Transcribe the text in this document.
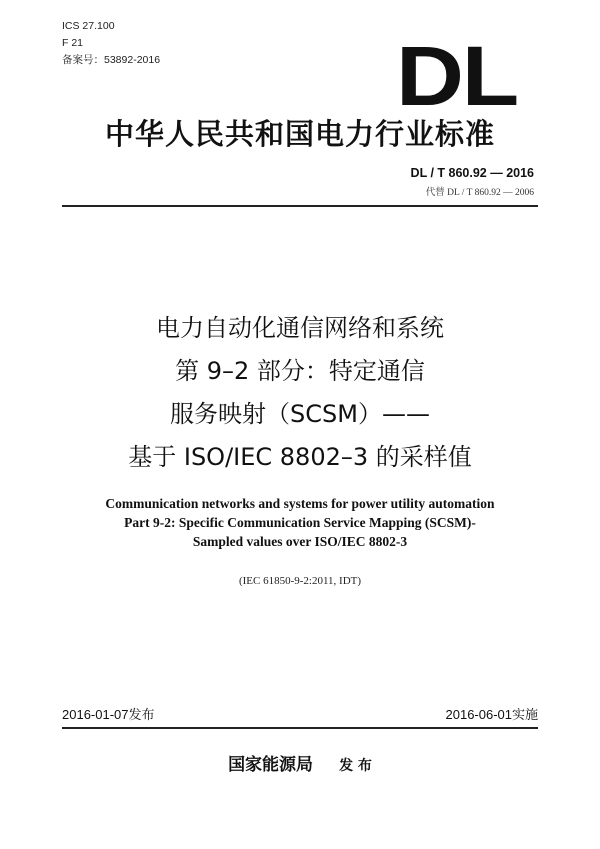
ICS 27.100
F 21
备案号：53892-2016	DL
中华人民共和国电力行业标准
DL / T 860.92 — 2016
代替 DL / T 860.92 — 2006
电力自动化通信网络和系统
第 9–2 部分：特定通信
服务映射（SCSM）——
基于 ISO/IEC 8802–3 的采样值
Communication networks and systems for power utility automation
Part 9-2: Specific Communication Service Mapping (SCSM)-
Sampled values over ISO/IEC 8802-3
(IEC 61850-9-2:2011, IDT)
2016-01-07发布	2016-06-01实施
国家能源局 发 布
